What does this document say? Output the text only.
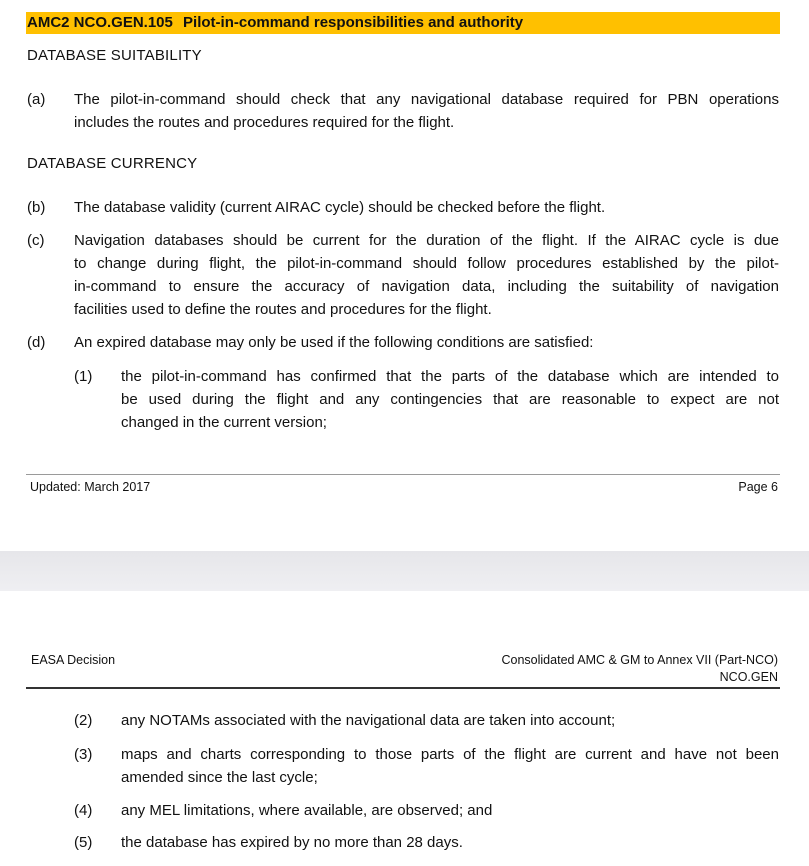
AMC2 NCO.GEN.105 Pilot-in-command responsibilities and authority
DATABASE SUITABILITY
(a) The pilot-in-command should check that any navigational database required for PBN operations
includes the routes and procedures required for the flight.
DATABASE CURRENCY
(b) The database validity (current AIRAC cycle) should be checked before the flight.
(c) Navigation databases should be current for the duration of the flight. If the AIRAC cycle is due
to change during flight, the pilot-in-command should follow procedures established by the pilot-
in-command to ensure the accuracy of navigation data, including the suitability of navigation
facilities used to define the routes and procedures for the flight.
(d) An expired database may only be used if the following conditions are satisfied:
(1) the pilot-in-command has confirmed that the parts of the database which are intended to
be used during the flight and any contingencies that are reasonable to expect are not
changed in the current version;
Updated: March 2017	Page 6
EASA Decision	Consolidated AMC & GM to Annex VII (Part-NCO)
NCO.GEN
(2) any NOTAMs associated with the navigational data are taken into account;
(3) maps and charts corresponding to those parts of the flight are current and have not been
amended since the last cycle;
(4) any MEL limitations, where available, are observed; and
(5) the database has expired by no more than 28 days.
